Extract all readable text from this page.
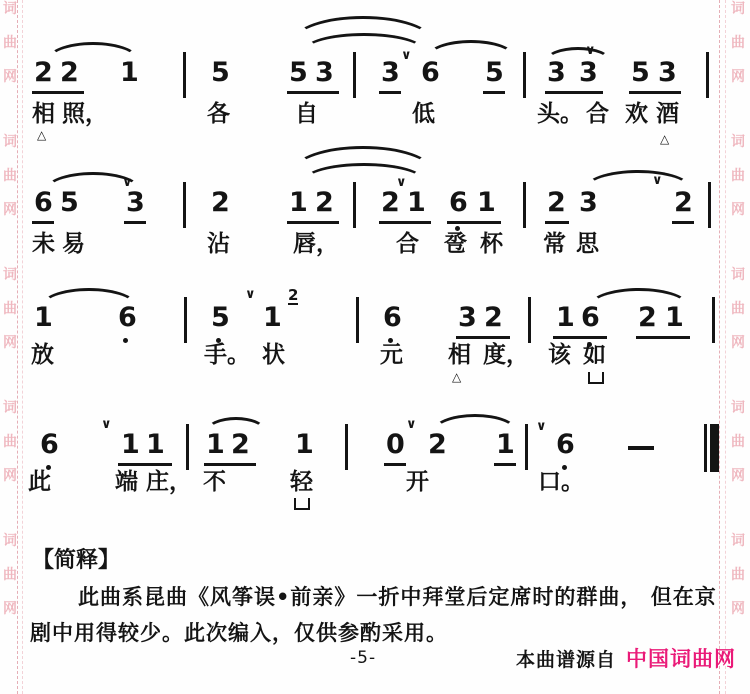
词
曲
网
词
曲
网
词
曲
网
词
曲
网
词
曲
网
词
曲
网
词
曲
网
词
曲
网
词
曲
网
词
曲
网
2 2 1	5 5 3 3 6 5 3 3 5 3
∨	∨
相 照，	各	自	低	头。 合 欢 酒
△	△
6 5 3 2 1 2 2 1 6 1 2 3	2
∨	∨	∨
未 易	沾	唇， 合 卺 杯 常 思
1 6	5 1	6 3 2 1 6 2 1
∨ 2
放	手。 状	元 相 度， 该 如
△
6 1 1 1 2 1	0 2 1 6
∨	∨	∨
此	端 庄， 不	轻	开	口。
【简释】
此曲系昆曲《风筝误•前亲》一折中拜堂后定席时的群曲， 但在京
剧中用得较少。此次编入，仅供参酌采用。
-5-	本曲谱源自 中国词曲网
